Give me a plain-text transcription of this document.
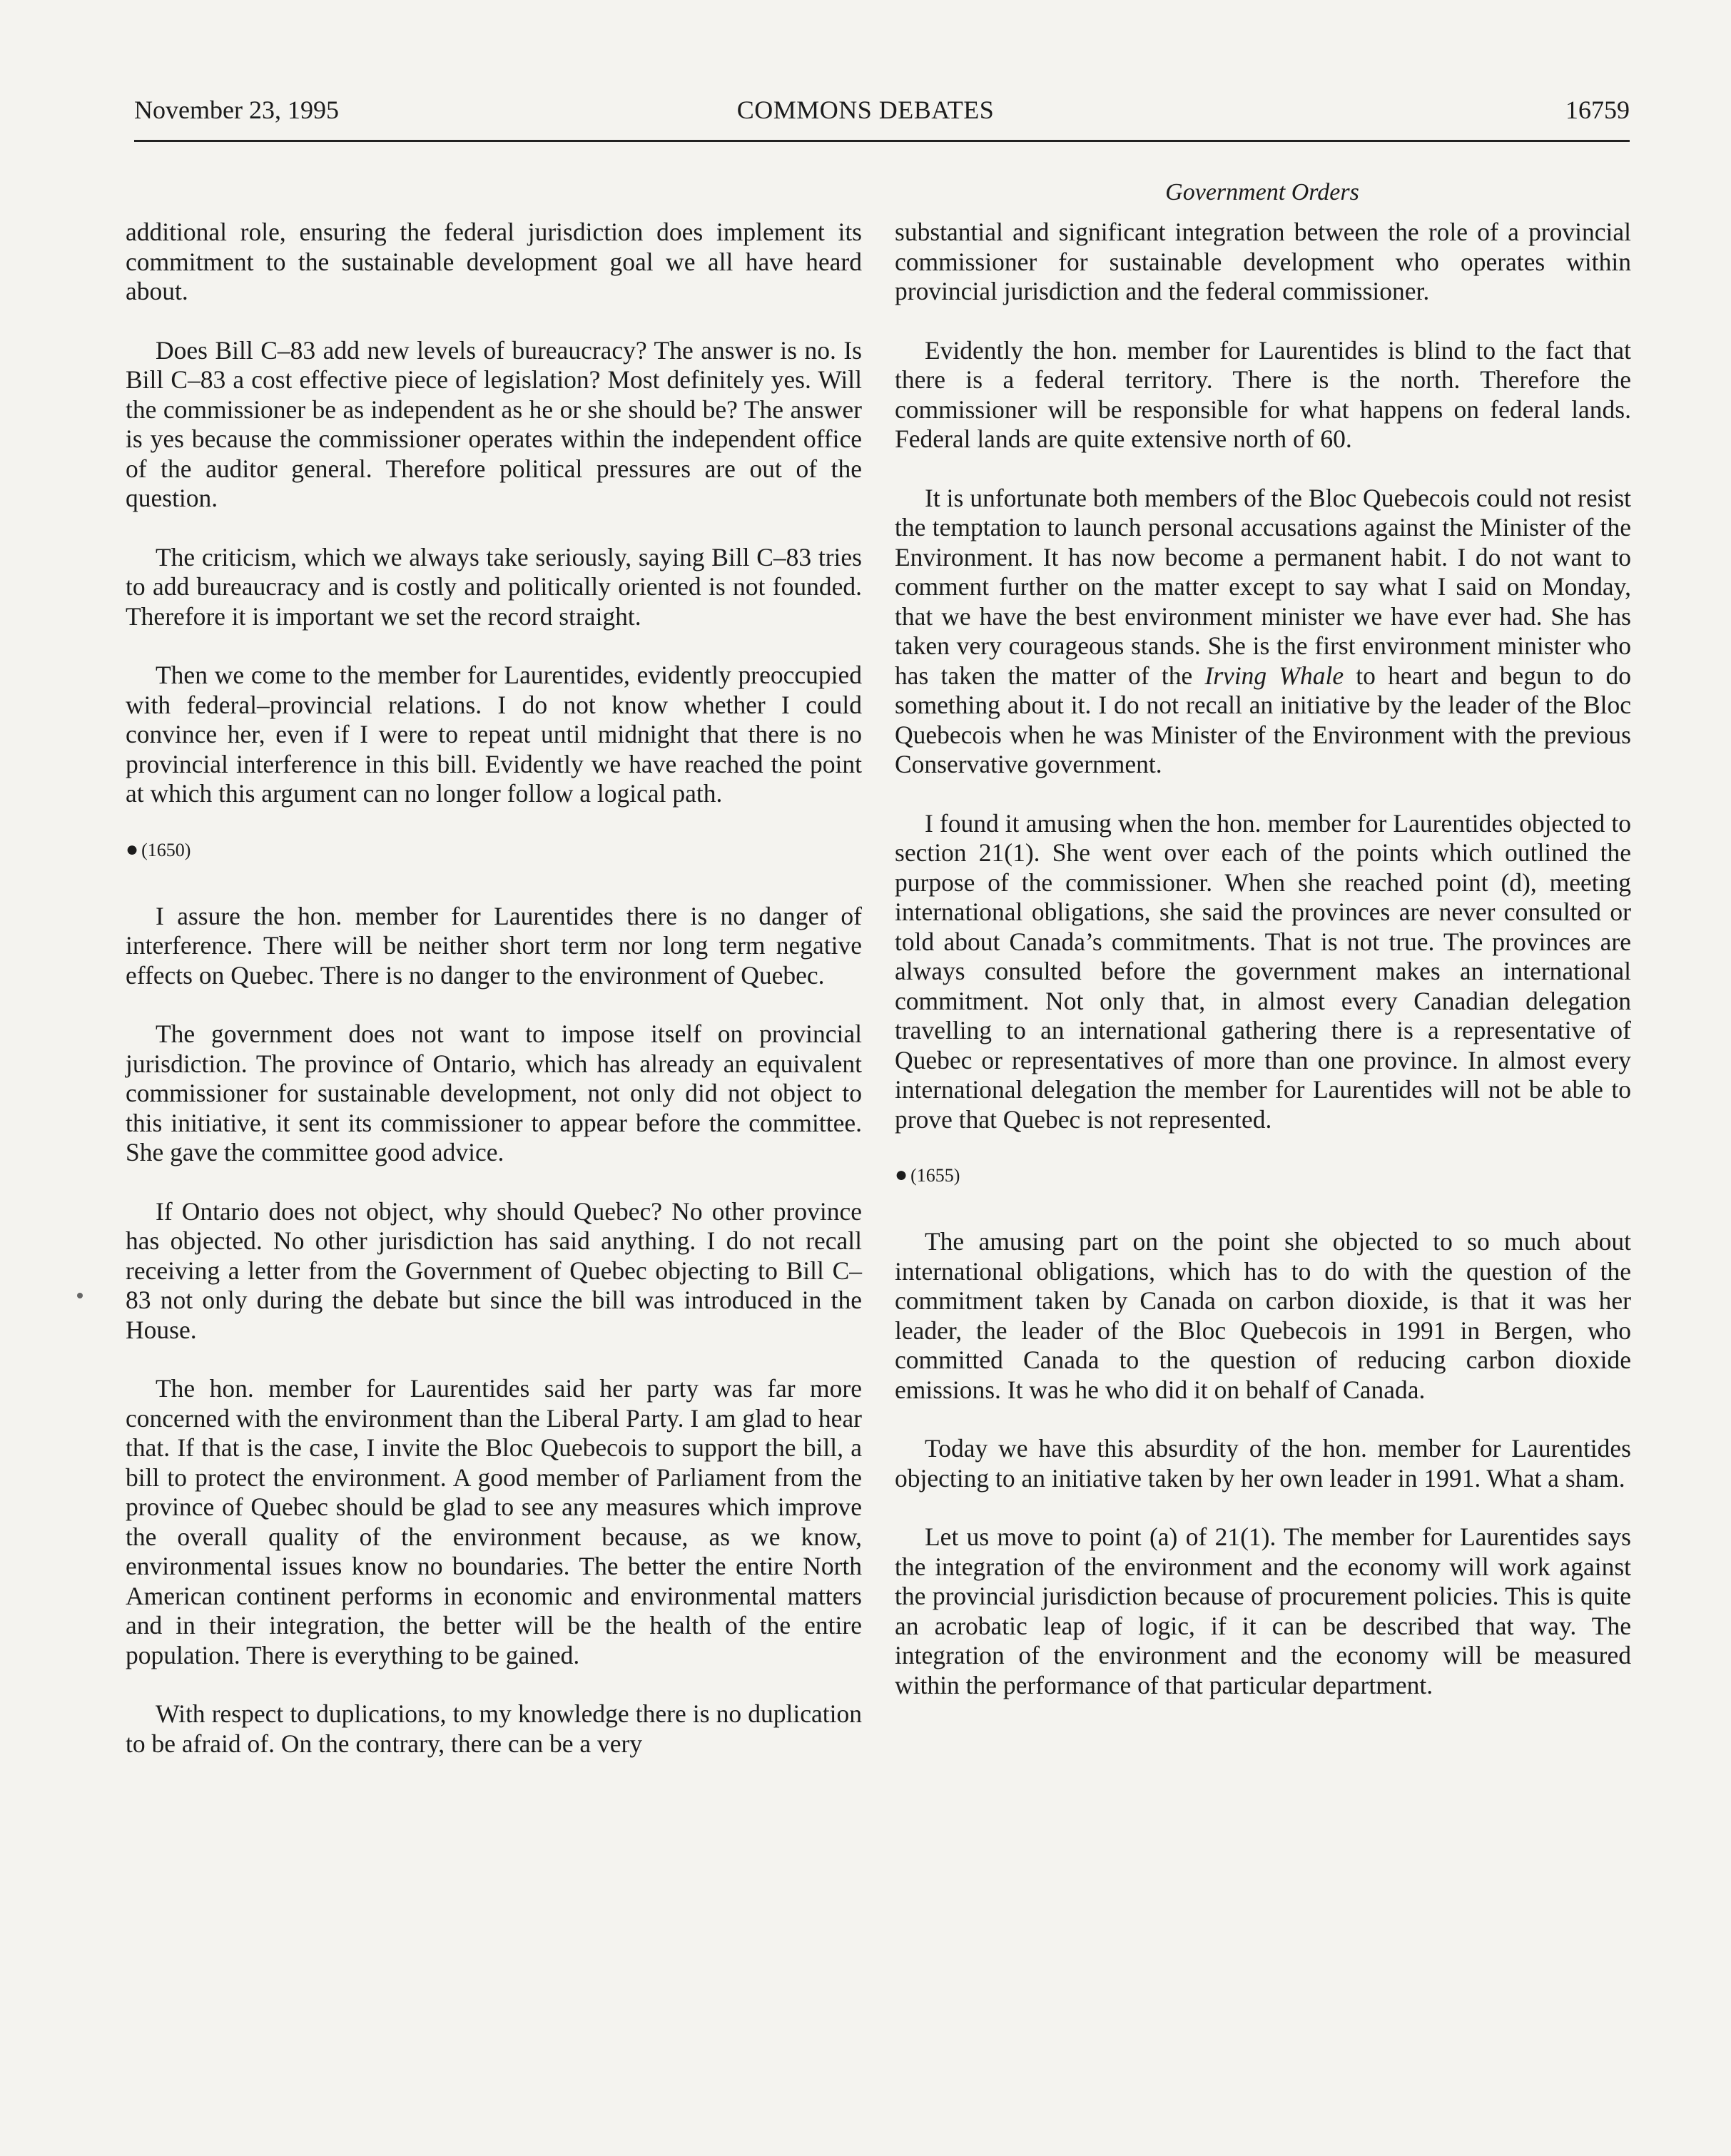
November 23, 1995	COMMONS DEBATES	16759
Government Orders

additional role, ensuring the federal jurisdiction does implement its commitment to the sustainable development goal we all have heard about.

Does Bill C–83 add new levels of bureaucracy? The answer is no. Is Bill C–83 a cost effective piece of legislation? Most definitely yes. Will the commissioner be as independent as he or she should be? The answer is yes because the commissioner operates within the independent office of the auditor general. Therefore political pressures are out of the question.

The criticism, which we always take seriously, saying Bill C–83 tries to add bureaucracy and is costly and politically oriented is not founded. Therefore it is important we set the record straight.

Then we come to the member for Laurentides, evidently preoccupied with federal–provincial relations. I do not know whether I could convince her, even if I were to repeat until midnight that there is no provincial interference in this bill. Evidently we have reached the point at which this argument can no longer follow a logical path.

● (1650)

I assure the hon. member for Laurentides there is no danger of interference. There will be neither short term nor long term negative effects on Quebec. There is no danger to the environment of Quebec.

The government does not want to impose itself on provincial jurisdiction. The province of Ontario, which has already an equivalent commissioner for sustainable development, not only did not object to this initiative, it sent its commissioner to appear before the committee. She gave the committee good advice.

If Ontario does not object, why should Quebec? No other province has objected. No other jurisdiction has said anything. I do not recall receiving a letter from the Government of Quebec objecting to Bill C–83 not only during the debate but since the bill was introduced in the House.

The hon. member for Laurentides said her party was far more concerned with the environment than the Liberal Party. I am glad to hear that. If that is the case, I invite the Bloc Quebecois to support the bill, a bill to protect the environment. A good member of Parliament from the province of Quebec should be glad to see any measures which improve the overall quality of the environment because, as we know, environmental issues know no boundaries. The better the entire North American continent performs in economic and environmental matters and in their integration, the better will be the health of the entire population. There is everything to be gained.

With respect to duplications, to my knowledge there is no duplication to be afraid of. On the contrary, there can be a very

substantial and significant integration between the role of a provincial commissioner for sustainable development who operates within provincial jurisdiction and the federal commissioner.

Evidently the hon. member for Laurentides is blind to the fact that there is a federal territory. There is the north. Therefore the commissioner will be responsible for what happens on federal lands. Federal lands are quite extensive north of 60.

It is unfortunate both members of the Bloc Quebecois could not resist the temptation to launch personal accusations against the Minister of the Environment. It has now become a permanent habit. I do not want to comment further on the matter except to say what I said on Monday, that we have the best environment minister we have ever had. She has taken very courageous stands. She is the first environment minister who has taken the matter of the Irving Whale to heart and begun to do something about it. I do not recall an initiative by the leader of the Bloc Quebecois when he was Minister of the Environment with the previous Conservative government.

I found it amusing when the hon. member for Laurentides objected to section 21(1). She went over each of the points which outlined the purpose of the commissioner. When she reached point (d), meeting international obligations, she said the provinces are never consulted or told about Canada’s commitments. That is not true. The provinces are always consulted before the government makes an international commitment. Not only that, in almost every Canadian delegation travelling to an international gathering there is a representative of Quebec or representatives of more than one province. In almost every international delegation the member for Laurentides will not be able to prove that Quebec is not represented.

● (1655)

The amusing part on the point she objected to so much about international obligations, which has to do with the question of the commitment taken by Canada on carbon dioxide, is that it was her leader, the leader of the Bloc Quebecois in 1991 in Bergen, who committed Canada to the question of reducing carbon dioxide emissions. It was he who did it on behalf of Canada.

Today we have this absurdity of the hon. member for Laurentides objecting to an initiative taken by her own leader in 1991. What a sham.

Let us move to point (a) of 21(1). The member for Laurentides says the integration of the environment and the economy will work against the provincial jurisdiction because of procurement policies. This is quite an acrobatic leap of logic, if it can be described that way. The integration of the environment and the economy will be measured within the performance of that particular department.
